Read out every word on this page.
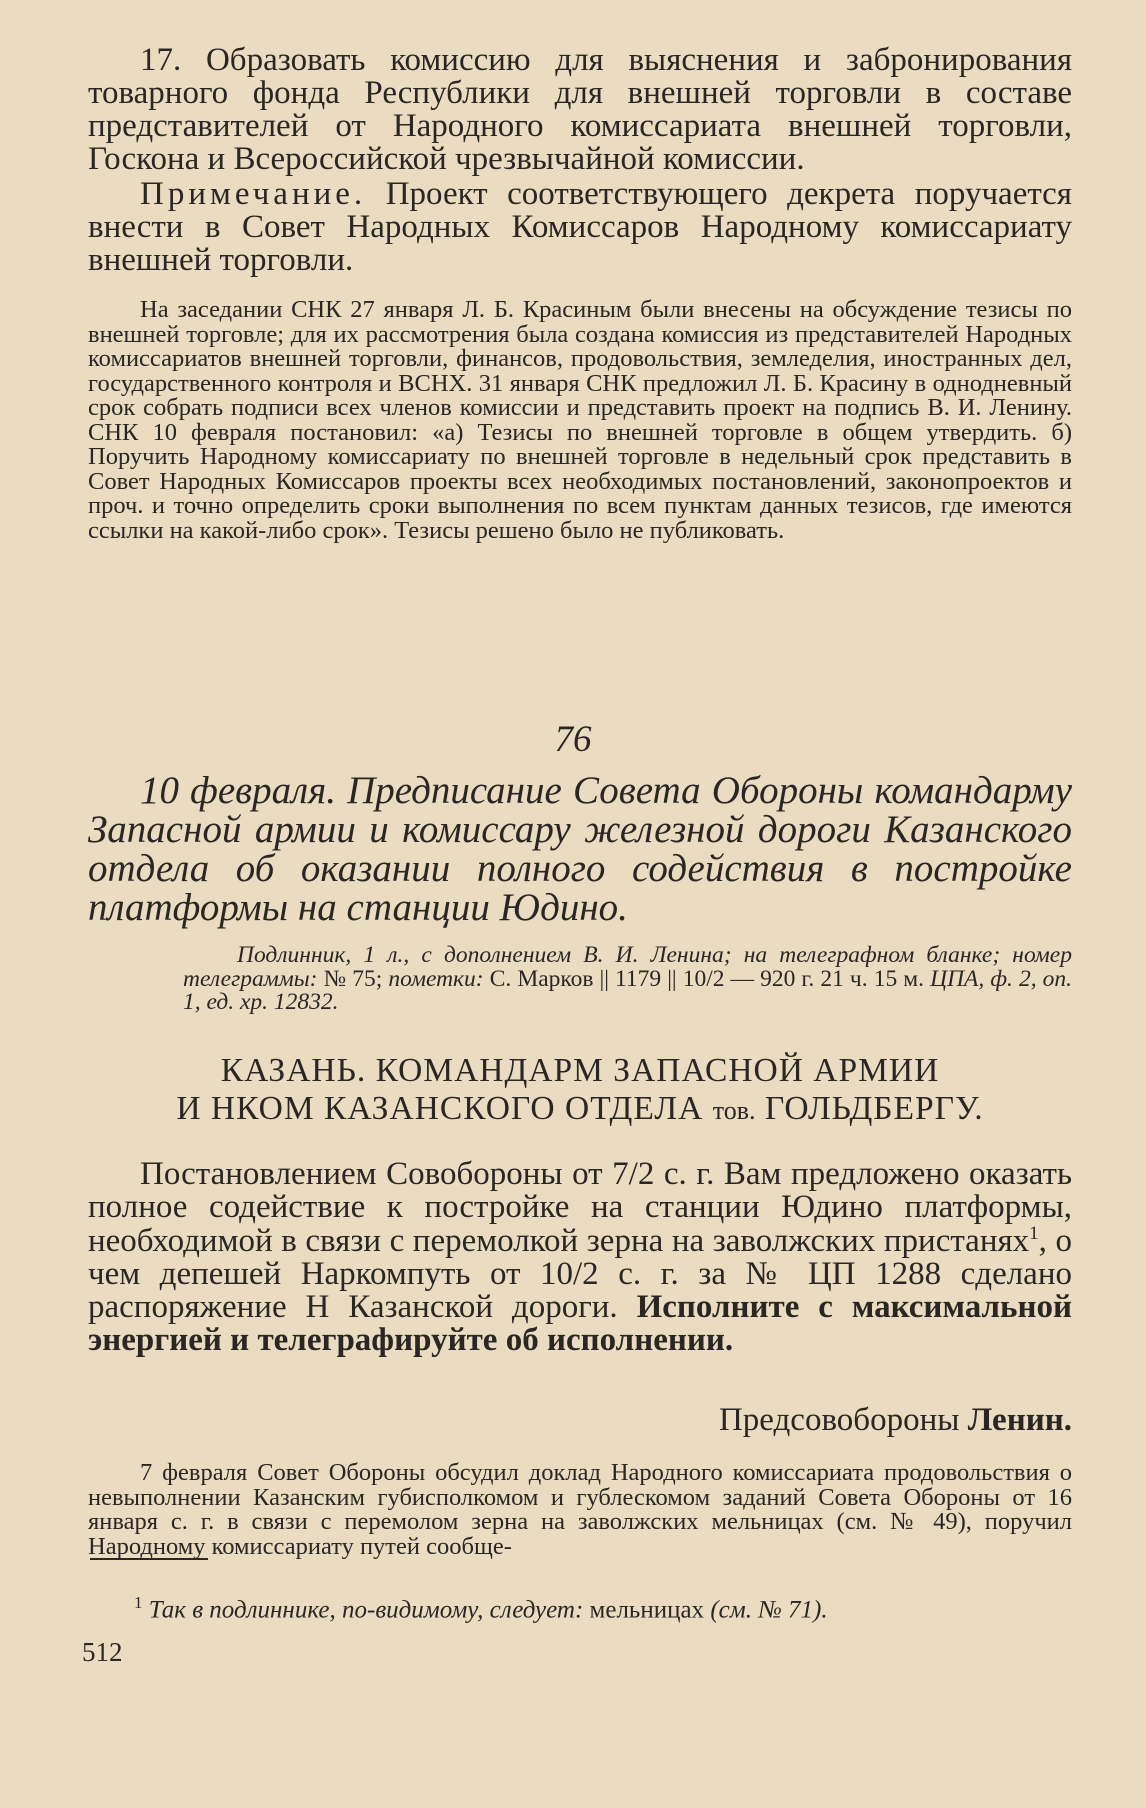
17. Образовать комиссию для выяснения и забронирования товарного фонда Республики для внешней торговли в составе представителей от Народного комиссариата внешней торговли, Госкона и Всероссийской чрезвычайной комиссии.

Примечание. Проект соответствующего декрета поручается внести в Совет Народных Комиссаров Народному комиссариату внешней торговли.

На заседании СНК 27 января Л. Б. Красиным были внесены на обсуждение тезисы по внешней торговле; для их рассмотрения была создана комиссия из представителей Народных комиссариатов внешней торговли, финансов, продовольствия, земледелия, иностранных дел, государственного контроля и ВСНХ. 31 января СНК предложил Л. Б. Красину в однодневный срок собрать подписи всех членов комиссии и представить проект на подпись В. И. Ленину. СНК 10 февраля постановил: «а) Тезисы по внешней торговле в общем утвердить. б) Поручить Народному комиссариату по внешней торговле в недельный срок представить в Совет Народных Комиссаров проекты всех необходимых постановлений, законопроектов и проч. и точно определить сроки выполнения по всем пунктам данных тезисов, где имеются ссылки на какой-либо срок». Тезисы решено было не публиковать.

76

10 февраля. Предписание Совета Обороны командарму Запасной армии и комиссару железной дороги Казанского отдела об оказании полного содействия в постройке платформы на станции Юдино.

Подлинник, 1 л., с дополнением В. И. Ленина; на телеграфном бланке; номер телеграммы: № 75; пометки: С. Марков || 1179 || 10/2 — 920 г. 21 ч. 15 м. ЦПА, ф. 2, оп. 1, ед. хр. 12832.

КАЗАНЬ. КОМАНДАРМ ЗАПАСНОЙ АРМИИ
И НКОМ КАЗАНСКОГО ОТДЕЛА тов. ГОЛЬДБЕРГУ.

Постановлением Совобороны от 7/2 с. г. Вам предложено оказать полное содействие к постройке на станции Юдино платформы, необходимой в связи с перемолкой зерна на заволжских пристанях$^1$, о чем депешей Наркомпуть от 10/2 с. г. за № ЦП 1288 сделано распоряжение Н Казанской дороги. Исполните с максимальной энергией и телеграфируйте об исполнении.

Предсовобороны Ленин.

7 февраля Совет Обороны обсудил доклад Народного комиссариата продовольствия о невыполнении Казанским губисполкомом и гублескомом заданий Совета Обороны от 16 января с. г. в связи с перемолом зерна на заволжских мельницах (см. № 49), поручил Народному комиссариату путей сообще-

$^1$ Так в подлиннике, по-видимому, следует: мельницах (см. № 71).

512
